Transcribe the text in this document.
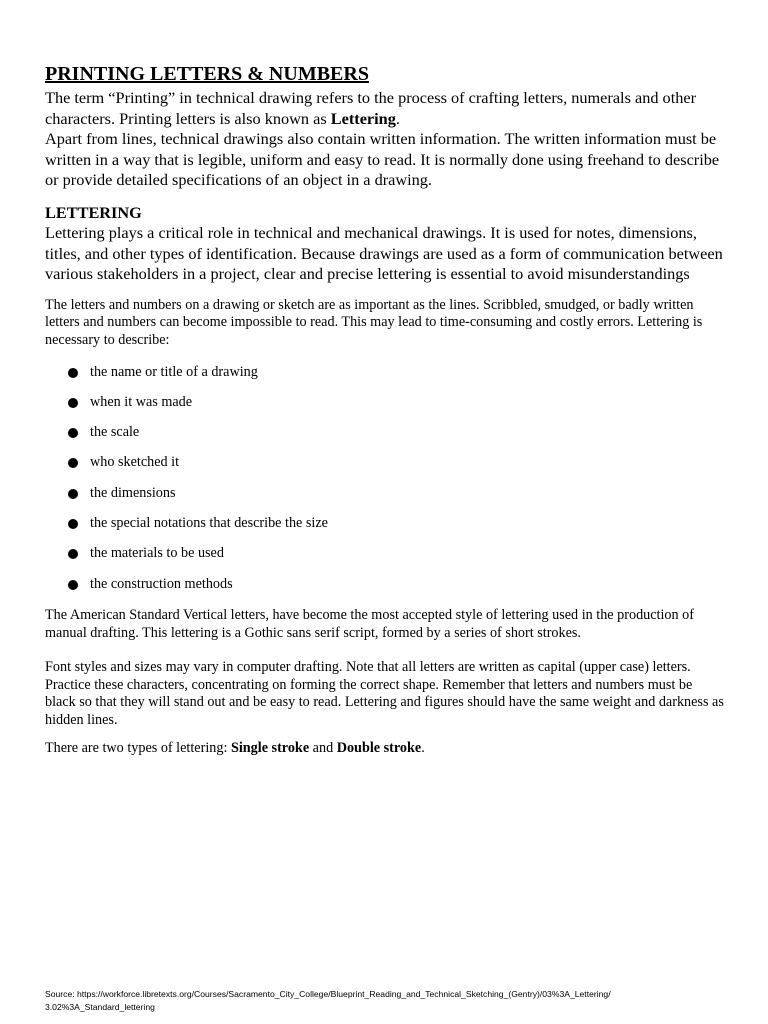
PRINTING LETTERS & NUMBERS

The term “Printing” in technical drawing refers to the process of crafting letters, numerals and other characters. Printing letters is also known as Lettering.

Apart from lines, technical drawings also contain written information. The written information must be written in a way that is legible, uniform and easy to read. It is normally done using freehand to describe or provide detailed specifications of an object in a drawing.

LETTERING

Lettering plays a critical role in technical and mechanical drawings. It is used for notes, dimensions, titles, and other types of identification. Because drawings are used as a form of communication between various stakeholders in a project, clear and precise lettering is essential to avoid misunderstandings

The letters and numbers on a drawing or sketch are as important as the lines. Scribbled, smudged, or badly written letters and numbers can become impossible to read. This may lead to time-consuming and costly errors. Lettering is necessary to describe:

the name or title of a drawing
when it was made
the scale
who sketched it
the dimensions
the special notations that describe the size
the materials to be used
the construction methods

The American Standard Vertical letters, have become the most accepted style of lettering used in the production of manual drafting. This lettering is a Gothic sans serif script, formed by a series of short strokes.

Font styles and sizes may vary in computer drafting. Note that all letters are written as capital (upper case) letters. Practice these characters, concentrating on forming the correct shape. Remember that letters and numbers must be black so that they will stand out and be easy to read. Lettering and figures should have the same weight and darkness as hidden lines.

There are two types of lettering: Single stroke and Double stroke.

Source: https://workforce.libretexts.org/Courses/Sacramento_City_College/Blueprint_Reading_and_Technical_Sketching_(Gentry)/03%3A_Lettering/
3.02%3A_Standard_lettering
